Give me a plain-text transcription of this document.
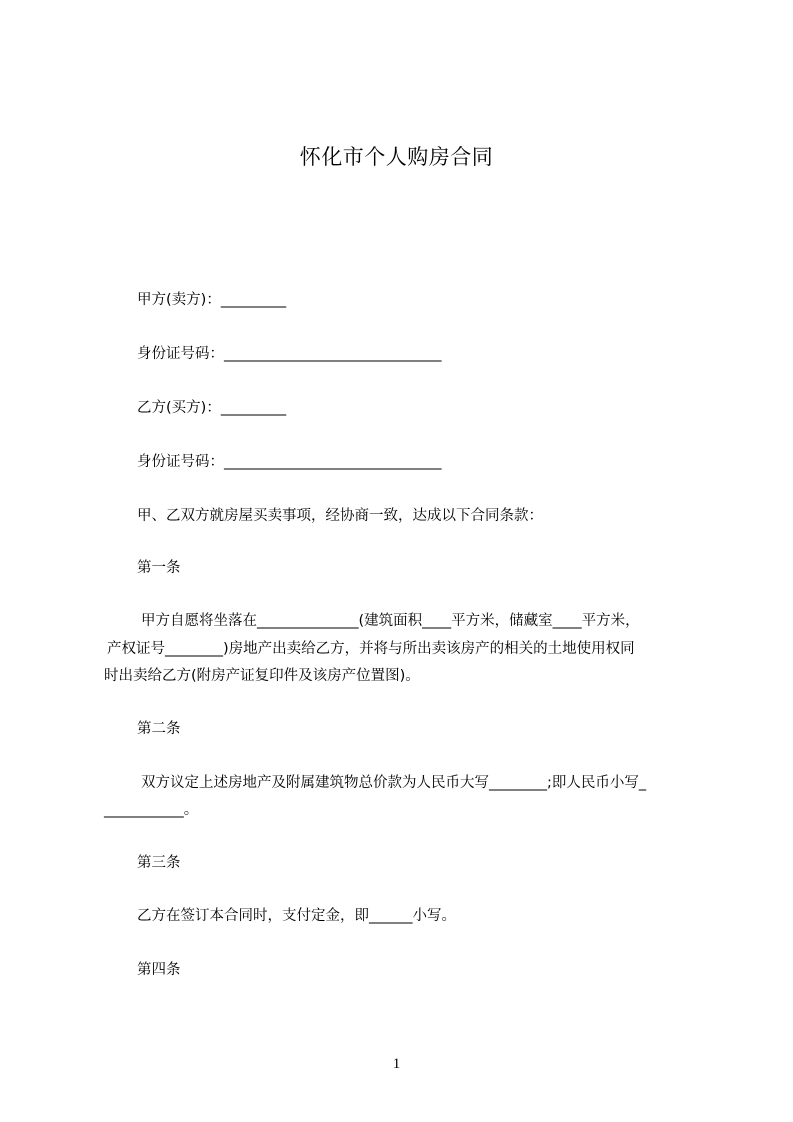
怀化市个人购房合同
甲方(卖方)：_________
身份证号码：______________________________
乙方(买方)：_________
身份证号码：______________________________
甲、乙双方就房屋买卖事项，经协商一致，达成以下合同条款：
第一条
甲方自愿将坐落在______________(建筑面积____平方米，储藏室____平方米，
产权证号________)房地产出卖给乙方，并将与所出卖该房产的相关的土地使用权同
时出卖给乙方(附房产证复印件及该房产位置图)。
第二条
双方议定上述房地产及附属建筑物总价款为人民币大写________;即人民币小写_
___________。
第三条
乙方在签订本合同时，支付定金，即______小写。
第四条
1
